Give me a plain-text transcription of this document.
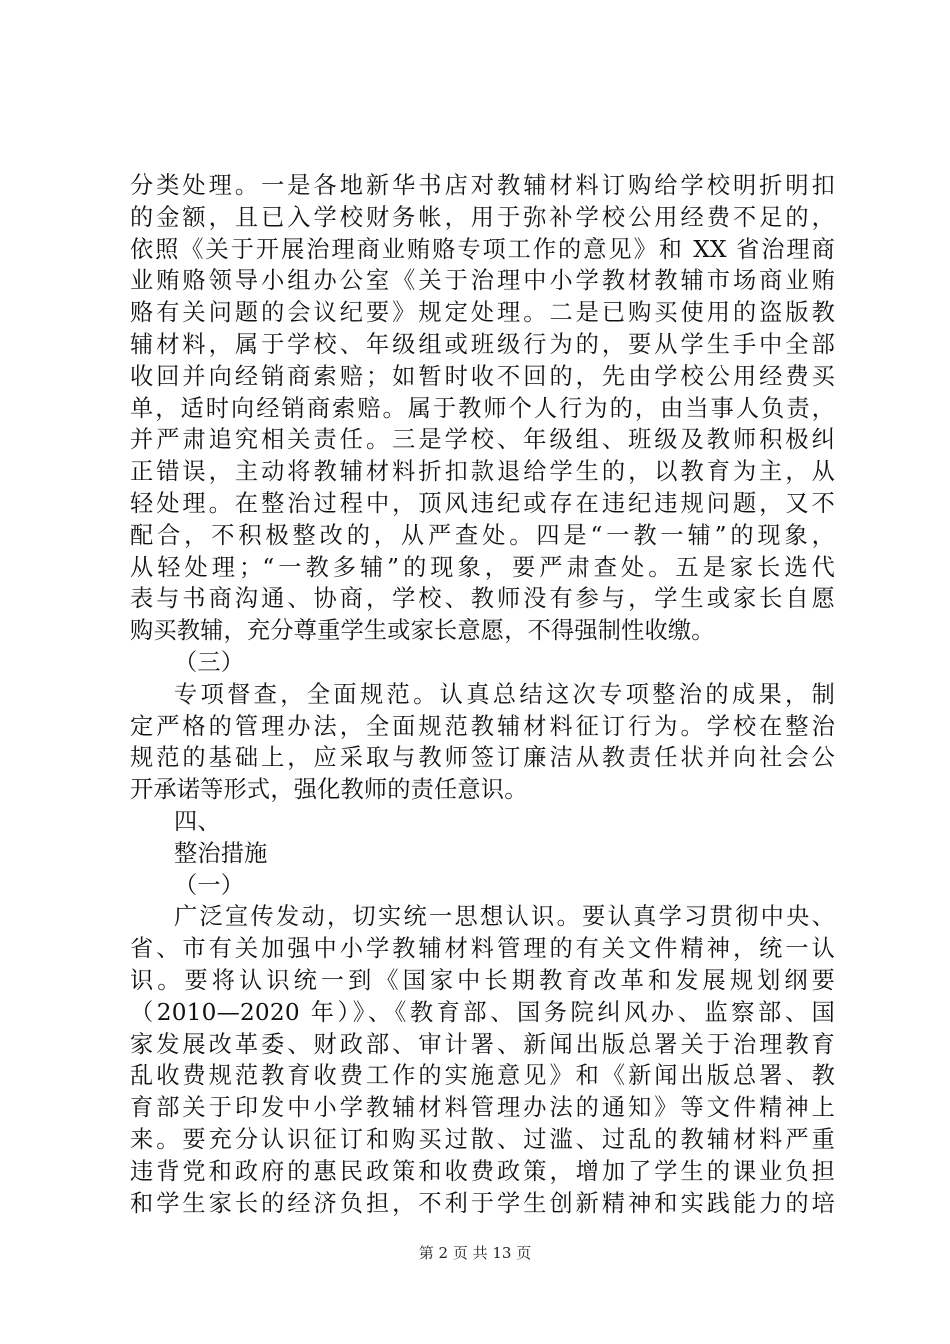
分类处理。一是各地新华书店对教辅材料订购给学校明折明扣
的金额，且已入学校财务帐，用于弥补学校公用经费不足的，
依照《关于开展治理商业贿赂专项工作的意见》和 XX 省治理商
业贿赂领导小组办公室《关于治理中小学教材教辅市场商业贿
赂有关问题的会议纪要》规定处理。二是已购买使用的盗版教
辅材料，属于学校、年级组或班级行为的，要从学生手中全部
收回并向经销商索赔；如暂时收不回的，先由学校公用经费买
单，适时向经销商索赔。属于教师个人行为的，由当事人负责，
并严肃追究相关责任。三是学校、年级组、班级及教师积极纠
正错误，主动将教辅材料折扣款退给学生的，以教育为主，从
轻处理。在整治过程中，顶风违纪或存在违纪违规问题，又不
配合，不积极整改的，从严查处。四是“一教一辅”的现象，
从轻处理；“一教多辅”的现象，要严肃查处。五是家长选代
表与书商沟通、协商，学校、教师没有参与，学生或家长自愿
购买教辅，充分尊重学生或家长意愿，不得强制性收缴。
（三）
专项督查，全面规范。认真总结这次专项整治的成果，制
定严格的管理办法，全面规范教辅材料征订行为。学校在整治
规范的基础上，应采取与教师签订廉洁从教责任状并向社会公
开承诺等形式，强化教师的责任意识。
四、
整治措施
（一）
广泛宣传发动，切实统一思想认识。要认真学习贯彻中央、
省、市有关加强中小学教辅材料管理的有关文件精神，统一认
识。要将认识统一到《国家中长期教育改革和发展规划纲要
（2010—2020 年）》、《教育部、国务院纠风办、监察部、国
家发展改革委、财政部、审计署、新闻出版总署关于治理教育
乱收费规范教育收费工作的实施意见》和《新闻出版总署、教
育部关于印发中小学教辅材料管理办法的通知》等文件精神上
来。要充分认识征订和购买过散、过滥、过乱的教辅材料严重
违背党和政府的惠民政策和收费政策，增加了学生的课业负担
和学生家长的经济负担，不利于学生创新精神和实践能力的培
第 2 页 共 13 页
